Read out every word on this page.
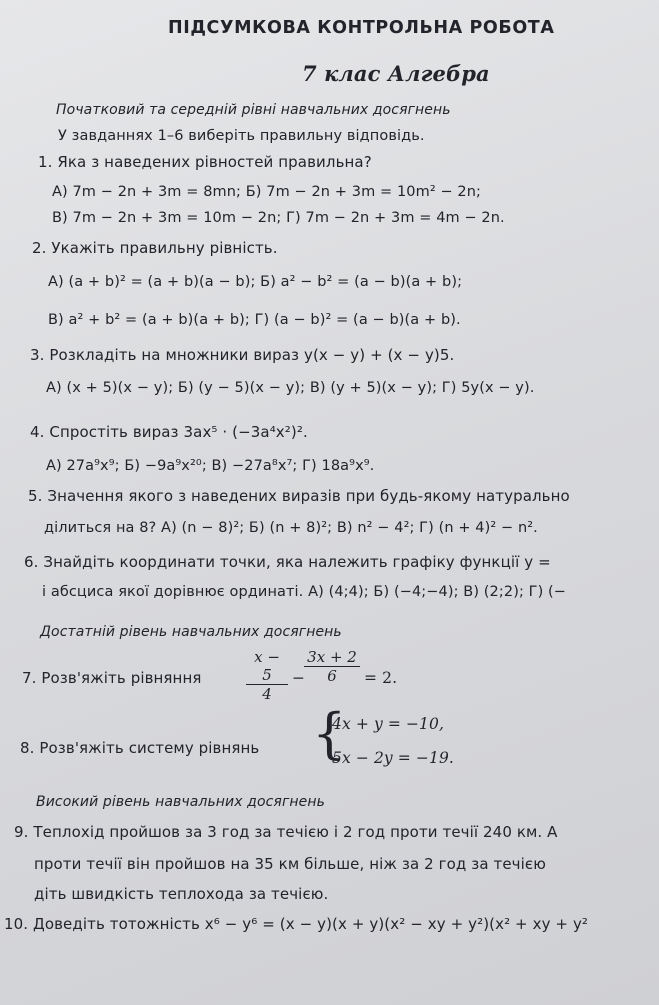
ПІДСУМКОВА КОНТРОЛЬНА РОБОТА
7 клас Алгебра
Початковий та середній рівні навчальних досягнень
У завданнях 1–6 виберіть правильну відповідь.
1. Яка з наведених рівностей правильна?
А) 7m − 2n + 3m = 8mn; Б) 7m − 2n + 3m = 10m² − 2n;
В) 7m − 2n + 3m = 10m − 2n; Г) 7m − 2n + 3m = 4m − 2n.
2. Укажіть правильну рівність.
А) (a + b)² = (a + b)(a − b); Б) a² − b² = (a − b)(a + b);
В) a² + b² = (a + b)(a + b); Г) (a − b)² = (a − b)(a + b).
3. Розкладіть на множники вираз y(x − y) + (x − y)5.
А) (x + 5)(x − y); Б) (y − 5)(x − y); В) (y + 5)(x − y); Г) 5y(x − y).
4. Спростіть вираз 3ax⁵ · (−3a⁴x²)².
А) 27a⁹x⁹; Б) −9a⁹x²⁰; В) −27a⁸x⁷; Г) 18a⁹x⁹.
5. Значення якого з наведених виразів при будь-якому натурально
ділиться на 8? А) (n − 8)²; Б) (n + 8)²; В) n² − 4²; Г) (n + 4)² − n².
6. Знайдіть координати точки, яка належить графіку функції y =
і абсциса якої дорівнює ординаті. А) (4;4); Б) (−4;−4); В) (2;2); Г) (−
Достатній рівень навчальних досягнень
7. Розв'яжіть рівняння	$\frac{x - 5}{4}$ −
$\frac{3x + 2}{6} = 2$.
8. Розв'яжіть систему рівнянь {
4x + y = −10,
5x − 2y = −19.
Високий рівень навчальних досягнень
9. Теплохід пройшов за 3 год за течією і 2 год проти течії 240 км. А
проти течії він пройшов на 35 км більше, ніж за 2 год за течією
діть швидкість теплохода за течією.
10. Доведіть тотожність x⁶ − y⁶ = (x − y)(x + y)(x² − xy + y²)(x² + xy + y²
